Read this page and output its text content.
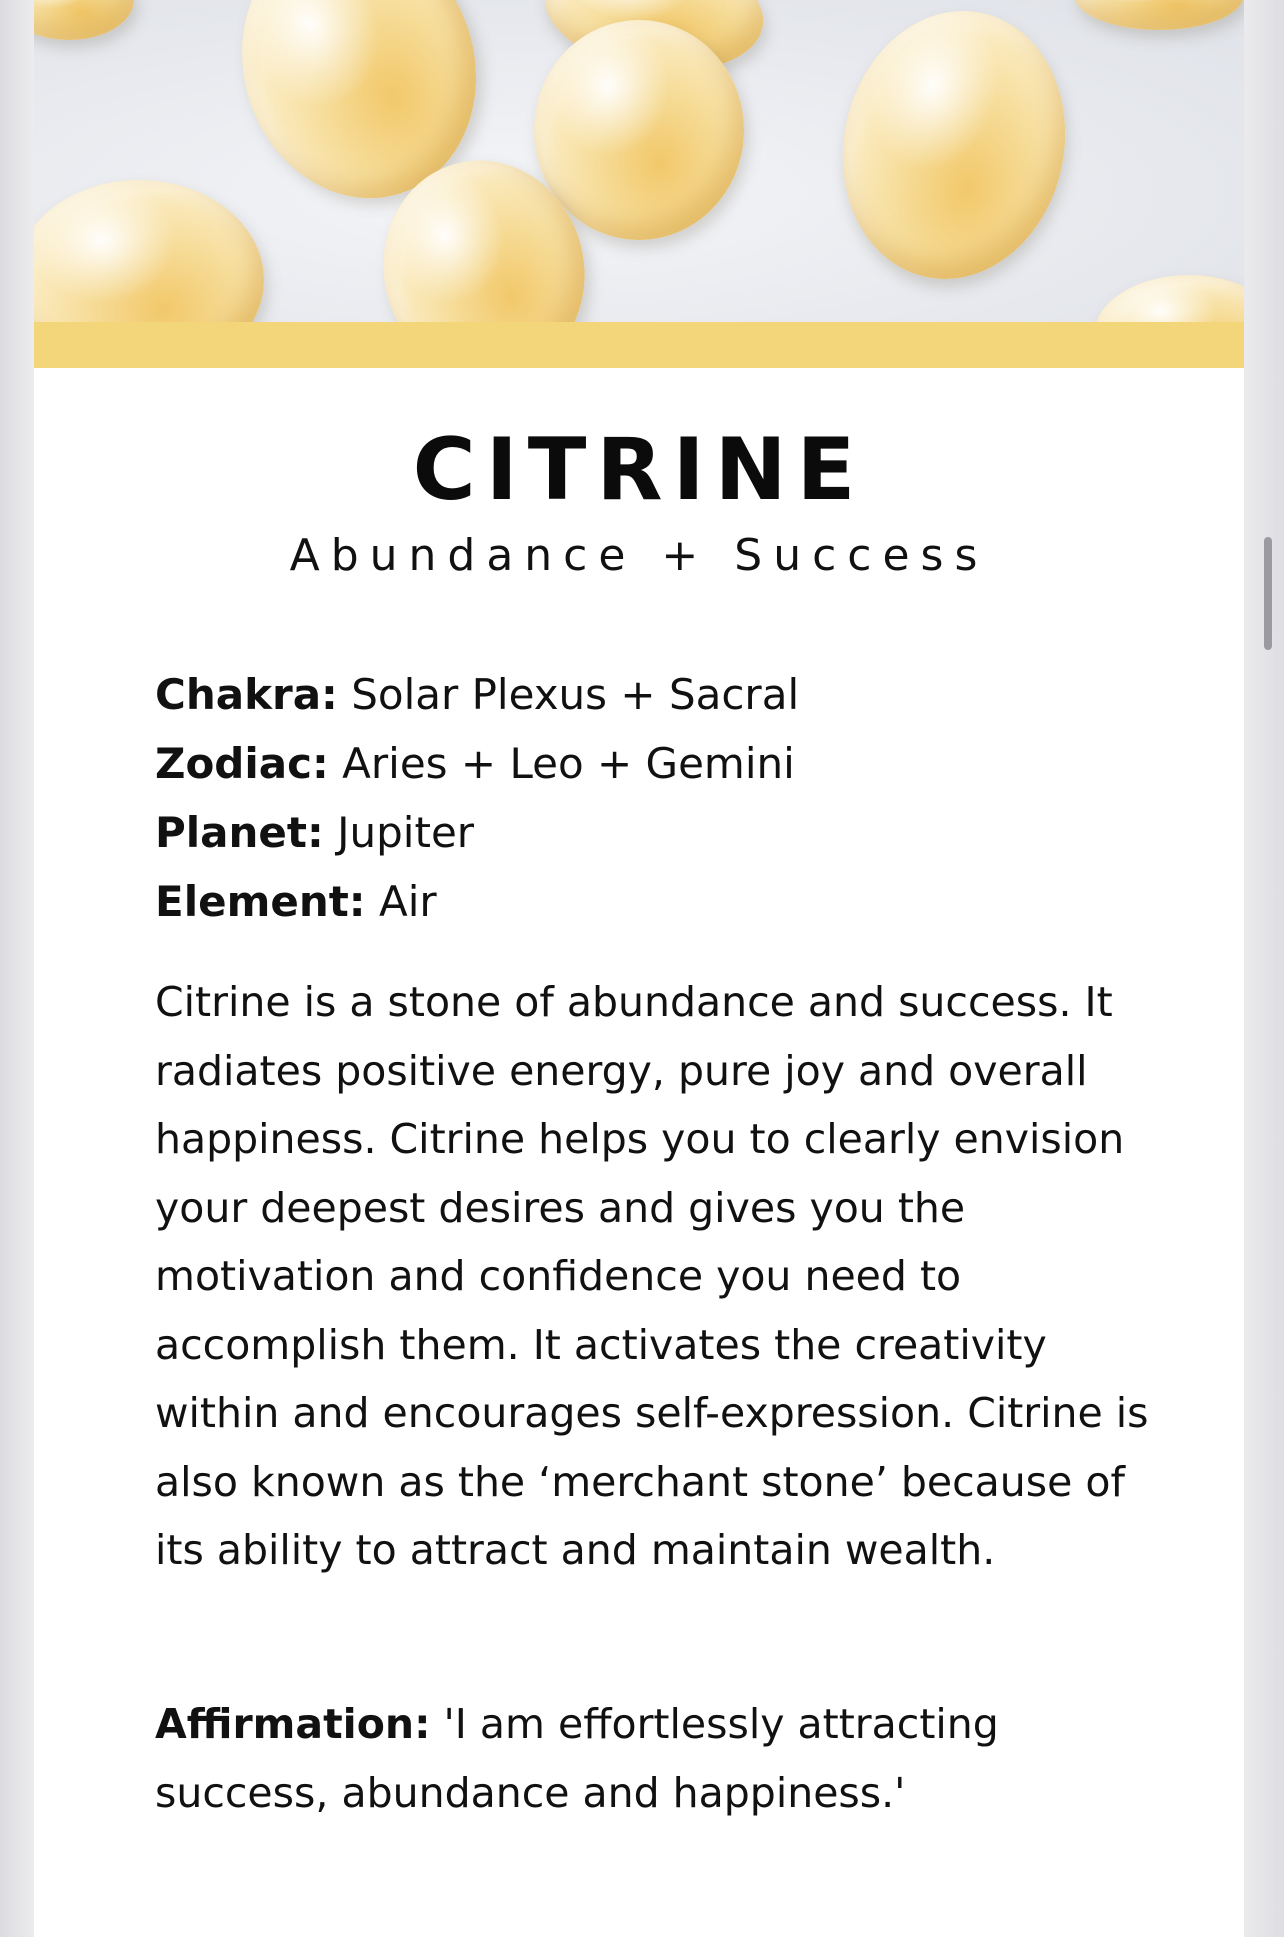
CITRINE
Abundance + Success
Chakra: Solar Plexus + Sacral
Zodiac: Aries + Leo + Gemini
Planet: Jupiter
Element: Air

Citrine is a stone of abundance and success. It radiates positive energy, pure joy and overall happiness. Citrine helps you to clearly envision your deepest desires and gives you the motivation and confidence you need to accomplish them. It activates the creativity within and encourages self-expression. Citrine is also known as the ‘merchant stone’ because of its ability to attract and maintain wealth.

Affirmation: 'I am effortlessly attracting success, abundance and happiness.'
